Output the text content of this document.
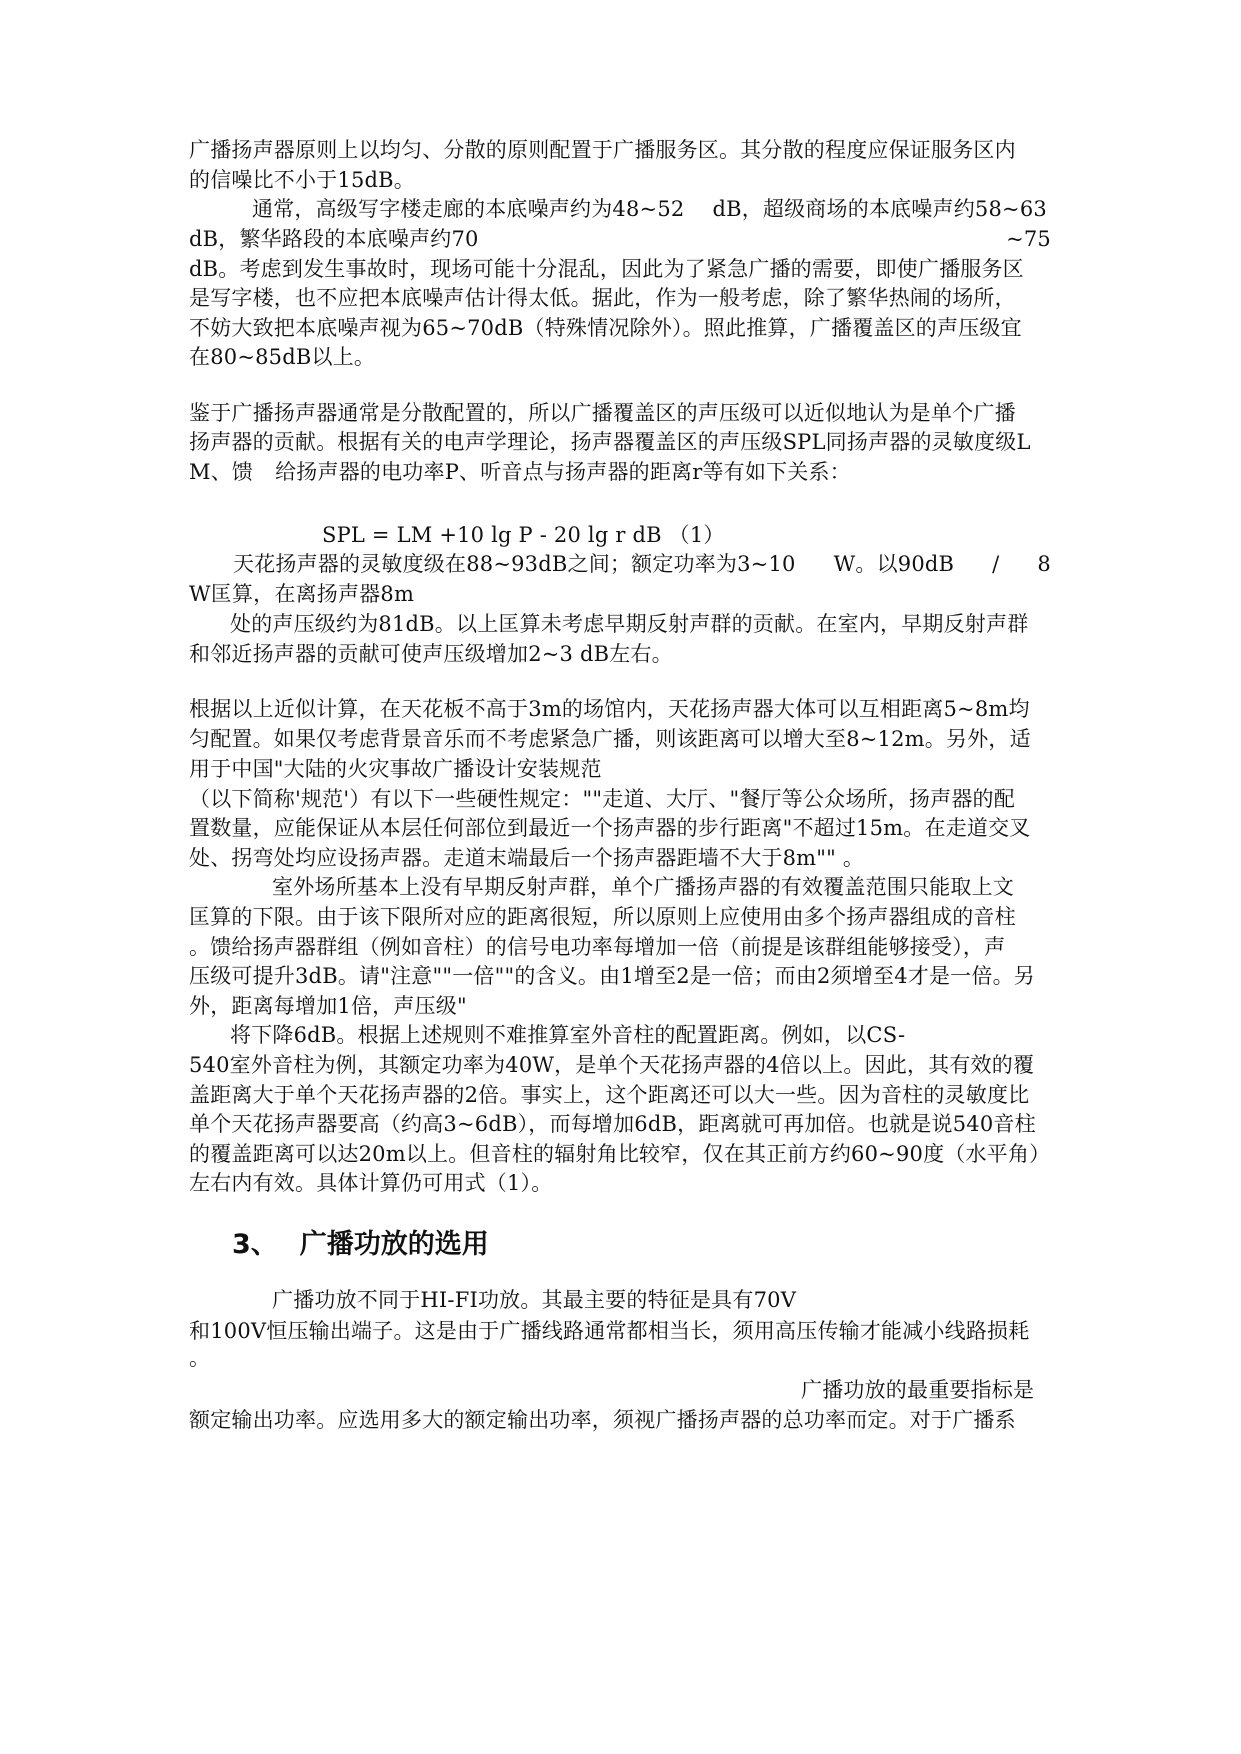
广播扬声器原则上以均匀、分散的原则配置于广播服务区。其分散的程度应保证服务区内
的信噪比不小于15dB。
通常，高级写字楼走廊的本底噪声约为48~52 dB，超级商场的本底噪声约58~63
dB，繁华路段的本底噪声约70	~75
dB。考虑到发生事故时，现场可能十分混乱，因此为了紧急广播的需要，即使广播服务区
是写字楼，也不应把本底噪声估计得太低。据此，作为一般考虑，除了繁华热闹的场所，
不妨大致把本底噪声视为65~70dB（特殊情况除外）。照此推算，广播覆盖区的声压级宜
在80~85dB以上。
鉴于广播扬声器通常是分散配置的，所以广播覆盖区的声压级可以近似地认为是单个广播
扬声器的贡献。根据有关的电声学理论，扬声器覆盖区的声压级SPL同扬声器的灵敏度级L
M、馈 给扬声器的电功率P、听音点与扬声器的距离r等有如下关系：
SPL = LM +10 lg P - 20 lg r dB （1）
天花扬声器的灵敏度级在88~93dB之间；额定功率为3~10 W。以90dB / 8
W匡算，在离扬声器8m
处的声压级约为81dB。以上匡算未考虑早期反射声群的贡献。在室内，早期反射声群
和邻近扬声器的贡献可使声压级增加2~3 dB左右。
根据以上近似计算，在天花板不高于3m的场馆内，天花扬声器大体可以互相距离5~8m均
匀配置。如果仅考虑背景音乐而不考虑紧急广播，则该距离可以增大至8~12m。另外，适
用于中国"大陆的火灾事故广播设计安装规范
（以下简称'规范'）有以下一些硬性规定：""走道、大厅、"餐厅等公众场所，扬声器的配
置数量，应能保证从本层任何部位到最近一个扬声器的步行距离"不超过15m。在走道交叉
处、拐弯处均应设扬声器。走道末端最后一个扬声器距墙不大于8m"" 。
室外场所基本上没有早期反射声群，单个广播扬声器的有效覆盖范围只能取上文
匡算的下限。由于该下限所对应的距离很短，所以原则上应使用由多个扬声器组成的音柱
。馈给扬声器群组（例如音柱）的信号电功率每增加一倍（前提是该群组能够接受），声
压级可提升3dB。请"注意""一倍""的含义。由1增至2是一倍；而由2须增至4才是一倍。另
外，距离每增加1倍，声压级"
将下降6dB。根据上述规则不难推算室外音柱的配置距离。例如，以CS-
540室外音柱为例，其额定功率为40W，是单个天花扬声器的4倍以上。因此，其有效的覆
盖距离大于单个天花扬声器的2倍。事实上，这个距离还可以大一些。因为音柱的灵敏度比
单个天花扬声器要高（约高3~6dB），而每增加6dB，距离就可再加倍。也就是说540音柱
的覆盖距离可以达20m以上。但音柱的辐射角比较窄，仅在其正前方约60~90度（水平角）
左右内有效。具体计算仍可用式（1）。
3、 广播功放的选用
广播功放不同于HI-FI功放。其最主要的特征是具有70V
和100V恒压输出端子。这是由于广播线路通常都相当长，须用高压传输才能减小线路损耗
。
广播功放的最重要指标是
额定输出功率。应选用多大的额定输出功率，须视广播扬声器的总功率而定。对于广播系
